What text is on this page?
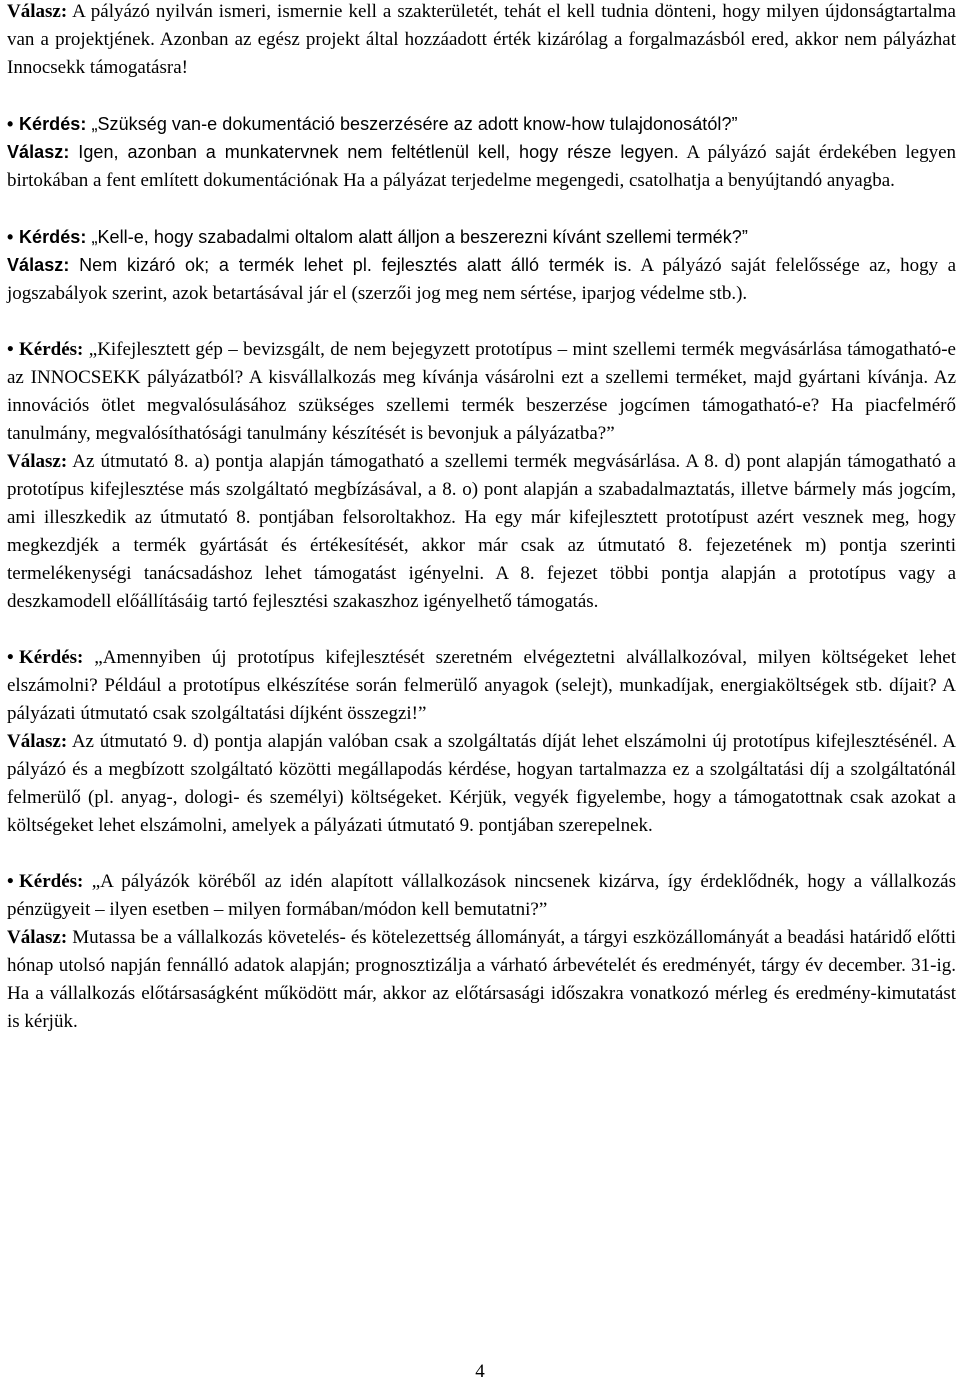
Válasz: A pályázó nyilván ismeri, ismernie kell a szakterületét, tehát el kell tudnia dönteni, hogy milyen újdonságtartalma van a projektjének. Azonban az egész projekt által hozzáadott érték kizárólag a forgalmazásból ered, akkor nem pályázhat Innocsekk támogatásra!

• Kérdés: „Szükség van-e dokumentáció beszerzésére az adott know-how tulajdonosától?”

Válasz: Igen, azonban a munkatervnek nem feltétlenül kell, hogy része legyen. A pályázó saját érdekében legyen birtokában a fent említett dokumentációnak Ha a pályázat terjedelme megengedi, csatolhatja a benyújtandó anyagba.

• Kérdés: „Kell-e, hogy szabadalmi oltalom alatt álljon a beszerezni kívánt szellemi termék?”

Válasz: Nem kizáró ok; a termék lehet pl. fejlesztés alatt álló termék is. A pályázó saját felelőssége az, hogy a jogszabályok szerint, azok betartásával jár el (szerzői jog meg nem sértése, iparjog védelme stb.).

• Kérdés: „Kifejlesztett gép – bevizsgált, de nem bejegyzett prototípus – mint szellemi termék megvásárlása támogatható-e az INNOCSEKK pályázatból? A kisvállalkozás meg kívánja vásárolni ezt a szellemi terméket, majd gyártani kívánja. Az innovációs ötlet megvalósulásához szükséges szellemi termék beszerzése jogcímen támogatható-e? Ha piacfelmérő tanulmány, megvalósíthatósági tanulmány készítését is bevonjuk a pályázatba?”

Válasz: Az útmutató 8. a) pontja alapján támogatható a szellemi termék megvásárlása. A 8. d) pont alapján támogatható a prototípus kifejlesztése más szolgáltató megbízásával, a 8. o) pont alapján a szabadalmaztatás, illetve bármely más jogcím, ami illeszkedik az útmutató 8. pontjában felsoroltakhoz. Ha egy már kifejlesztett prototípust azért vesznek meg, hogy megkezdjék a termék gyártását és értékesítését, akkor már csak az útmutató 8. fejezetének m) pontja szerinti termelékenységi tanácsadáshoz lehet támogatást igényelni. A 8. fejezet többi pontja alapján a prototípus vagy a deszkamodell előállításáig tartó fejlesztési szakaszhoz igényelhető támogatás.

• Kérdés: „Amennyiben új prototípus kifejlesztését szeretném elvégeztetni alvállalkozóval, milyen költségeket lehet elszámolni? Például a prototípus elkészítése során felmerülő anyagok (selejt), munkadíjak, energiaköltségek stb. díjait? A pályázati útmutató csak szolgáltatási díjként összegzi!”

Válasz: Az útmutató 9. d) pontja alapján valóban csak a szolgáltatás díját lehet elszámolni új prototípus kifejlesztésénél. A pályázó és a megbízott szolgáltató közötti megállapodás kérdése, hogyan tartalmazza ez a szolgáltatási díj a szolgáltatónál felmerülő (pl. anyag-, dologi- és személyi) költségeket. Kérjük, vegyék figyelembe, hogy a támogatottnak csak azokat a költségeket lehet elszámolni, amelyek a pályázati útmutató 9. pontjában szerepelnek.

• Kérdés: „A pályázók köréből az idén alapított vállalkozások nincsenek kizárva, így érdeklődnék, hogy a vállalkozás pénzügyeit – ilyen esetben – milyen formában/módon kell bemutatni?”

Válasz: Mutassa be a vállalkozás követelés- és kötelezettség állományát, a tárgyi eszközállományát a beadási határidő előtti hónap utolsó napján fennálló adatok alapján; prognosztizálja a várható árbevételét és eredményét, tárgy év december. 31-ig. Ha a vállalkozás előtársaságként működött már, akkor az előtársasági időszakra vonatkozó mérleg és eredmény-kimutatást is kérjük.

4
